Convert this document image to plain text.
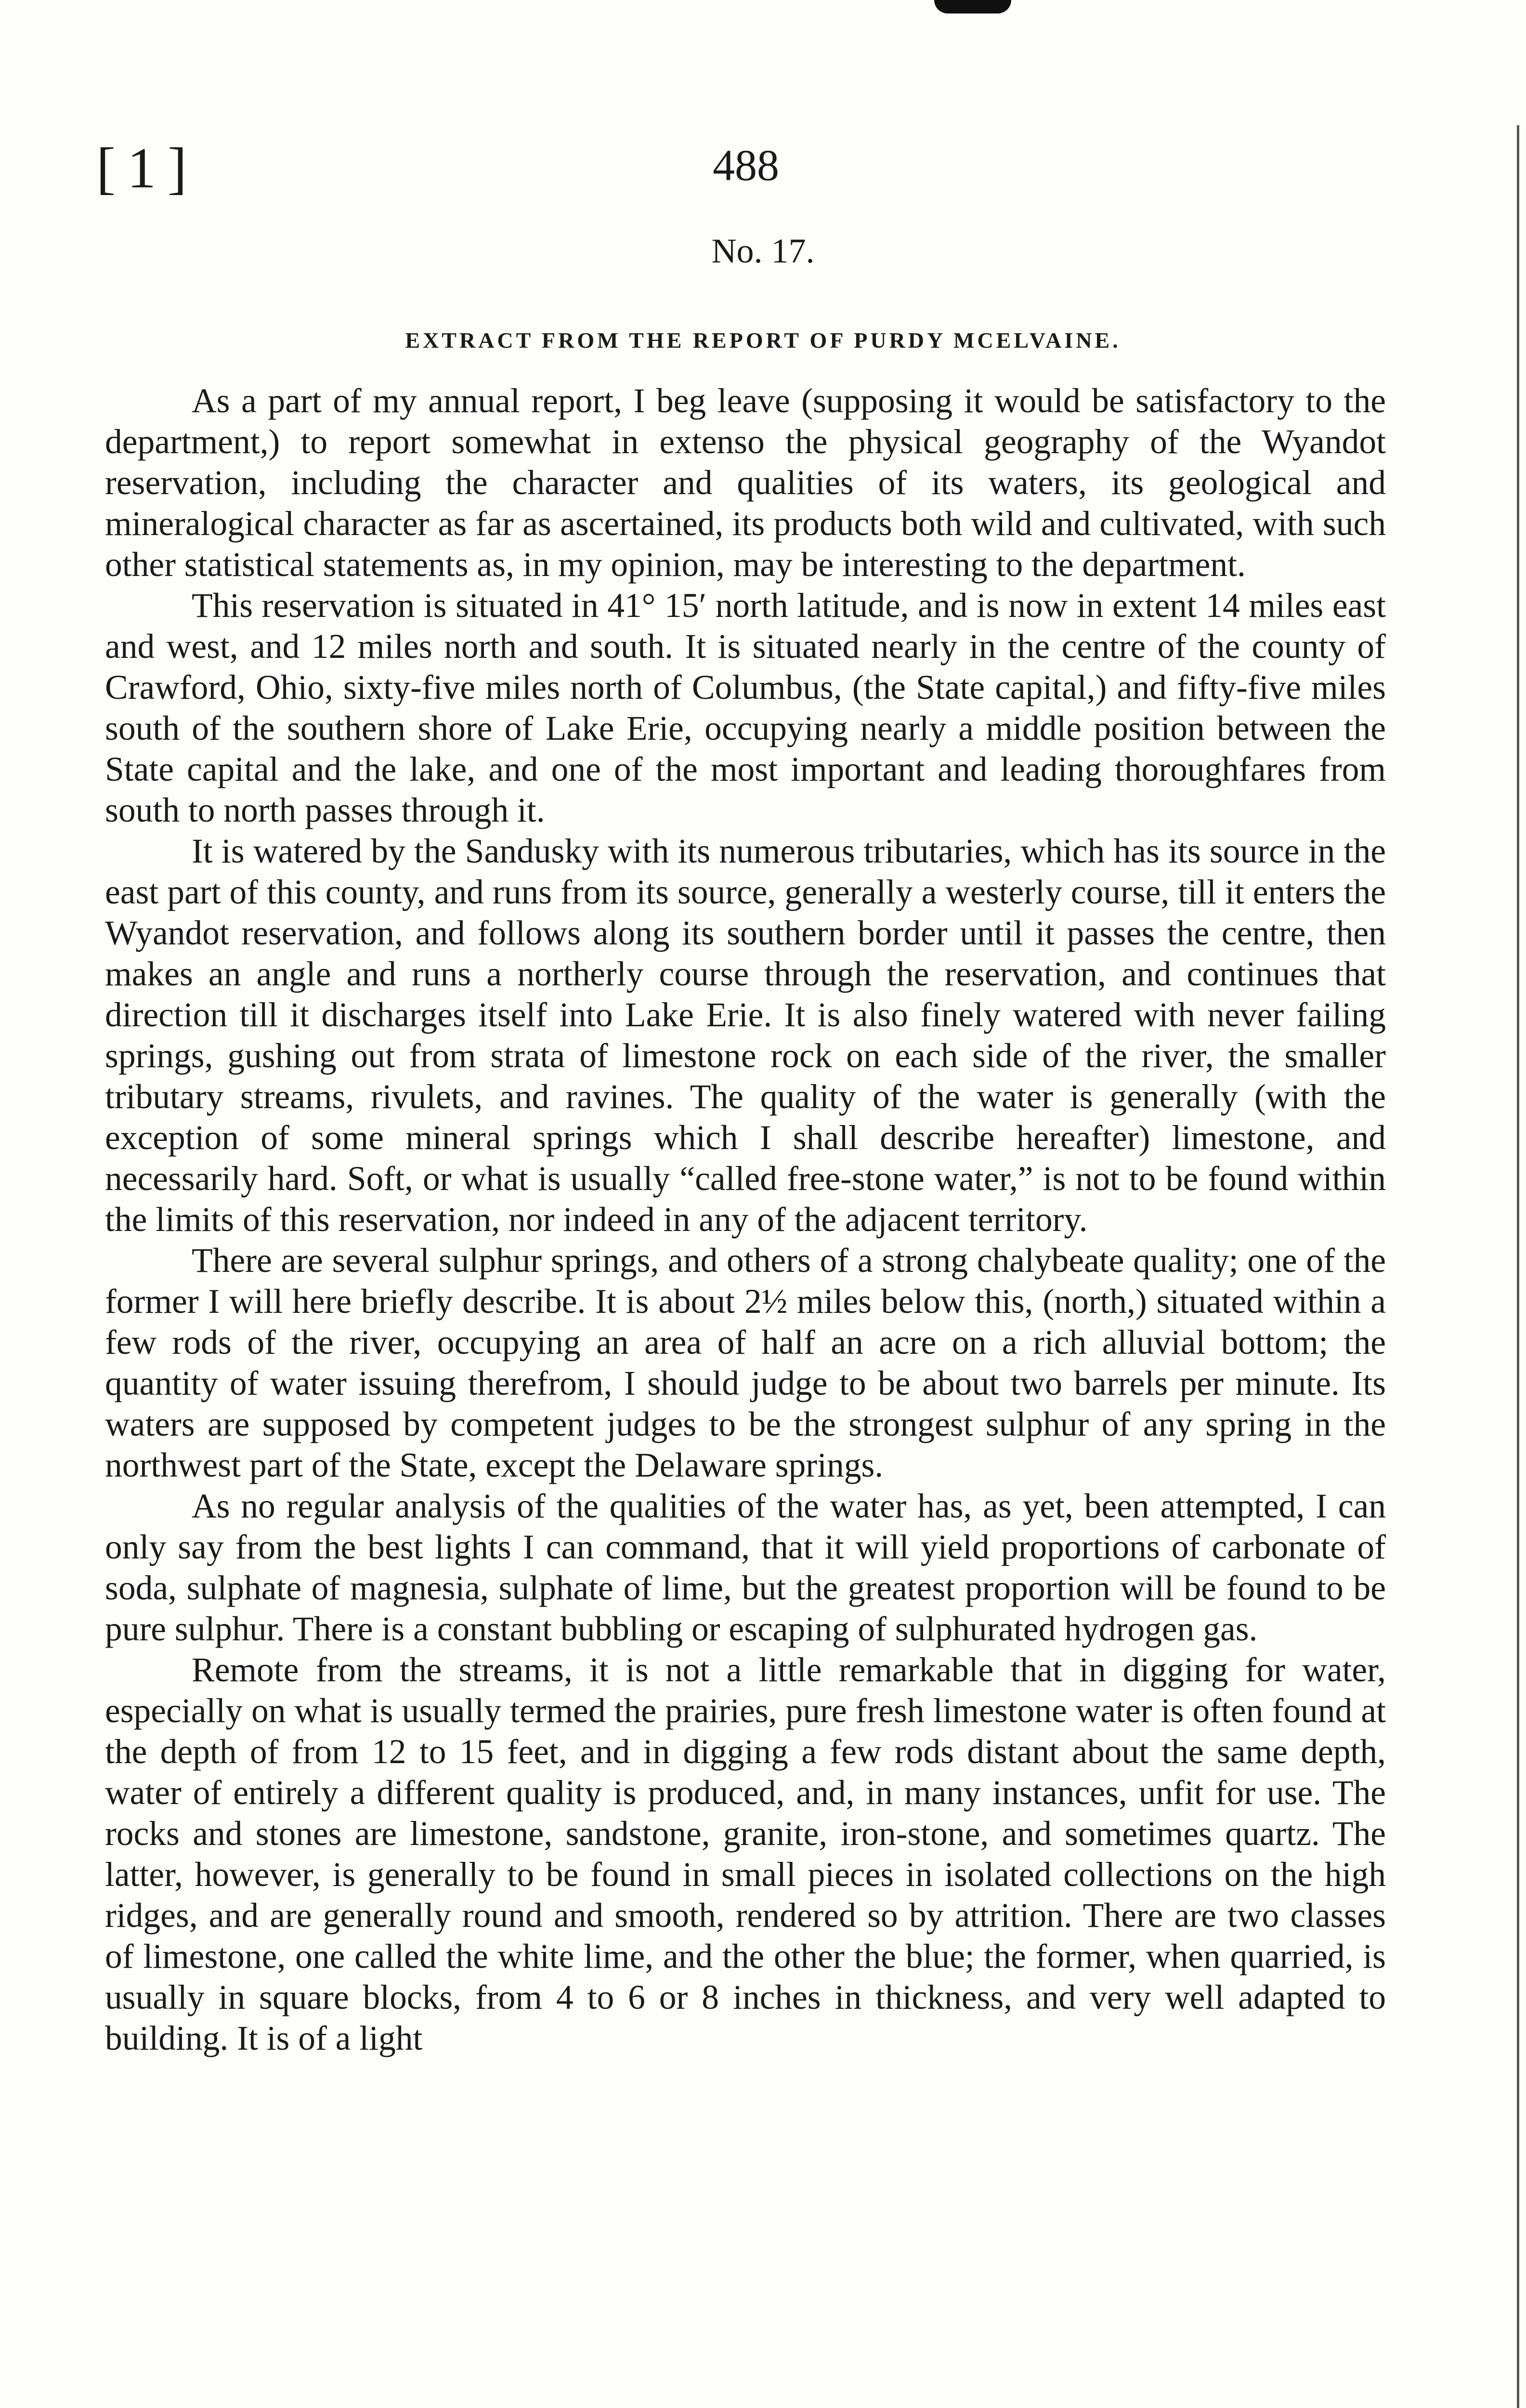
[1]	488
No. 17.
EXTRACT FROM THE REPORT OF PURDY MCELVAINE.

As a part of my annual report, I beg leave (supposing it would be satisfactory to the department,) to report somewhat in extenso the physical geography of the Wyandot reservation, including the character and qualities of its waters, its geological and mineralogical character as far as ascertained, its products both wild and cultivated, with such other statistical statements as, in my opinion, may be interesting to the department.

This reservation is situated in 41° 15′ north latitude, and is now in extent 14 miles east and west, and 12 miles north and south. It is situated nearly in the centre of the county of Crawford, Ohio, sixty-five miles north of Columbus, (the State capital,) and fifty-five miles south of the southern shore of Lake Erie, occupying nearly a middle position between the State capital and the lake, and one of the most important and leading thoroughfares from south to north passes through it.

It is watered by the Sandusky with its numerous tributaries, which has its source in the east part of this county, and runs from its source, generally a westerly course, till it enters the Wyandot reservation, and follows along its southern border until it passes the centre, then makes an angle and runs a northerly course through the reservation, and continues that direction till it discharges itself into Lake Erie. It is also finely watered with never failing springs, gushing out from strata of limestone rock on each side of the river, the smaller tributary streams, rivulets, and ravines. The quality of the water is generally (with the exception of some mineral springs which I shall describe hereafter) limestone, and necessarily hard. Soft, or what is usually “called free-stone water,” is not to be found within the limits of this reservation, nor indeed in any of the adjacent territory.

There are several sulphur springs, and others of a strong chalybeate quality; one of the former I will here briefly describe. It is about 2½ miles below this, (north,) situated within a few rods of the river, occupying an area of half an acre on a rich alluvial bottom; the quantity of water issuing therefrom, I should judge to be about two barrels per minute. Its waters are supposed by competent judges to be the strongest sulphur of any spring in the northwest part of the State, except the Delaware springs.

As no regular analysis of the qualities of the water has, as yet, been attempted, I can only say from the best lights I can command, that it will yield proportions of carbonate of soda, sulphate of magnesia, sulphate of lime, but the greatest proportion will be found to be pure sulphur. There is a constant bubbling or escaping of sulphurated hydrogen gas.

Remote from the streams, it is not a little remarkable that in digging for water, especially on what is usually termed the prairies, pure fresh limestone water is often found at the depth of from 12 to 15 feet, and in digging a few rods distant about the same depth, water of entirely a different quality is produced, and, in many instances, unfit for use. The rocks and stones are limestone, sandstone, granite, iron-stone, and sometimes quartz. The latter, however, is generally to be found in small pieces in isolated collections on the high ridges, and are generally round and smooth, rendered so by attrition. There are two classes of limestone, one called the white lime, and the other the blue; the former, when quarried, is usually in square blocks, from 4 to 6 or 8 inches in thickness, and very well adapted to building. It is of a light
